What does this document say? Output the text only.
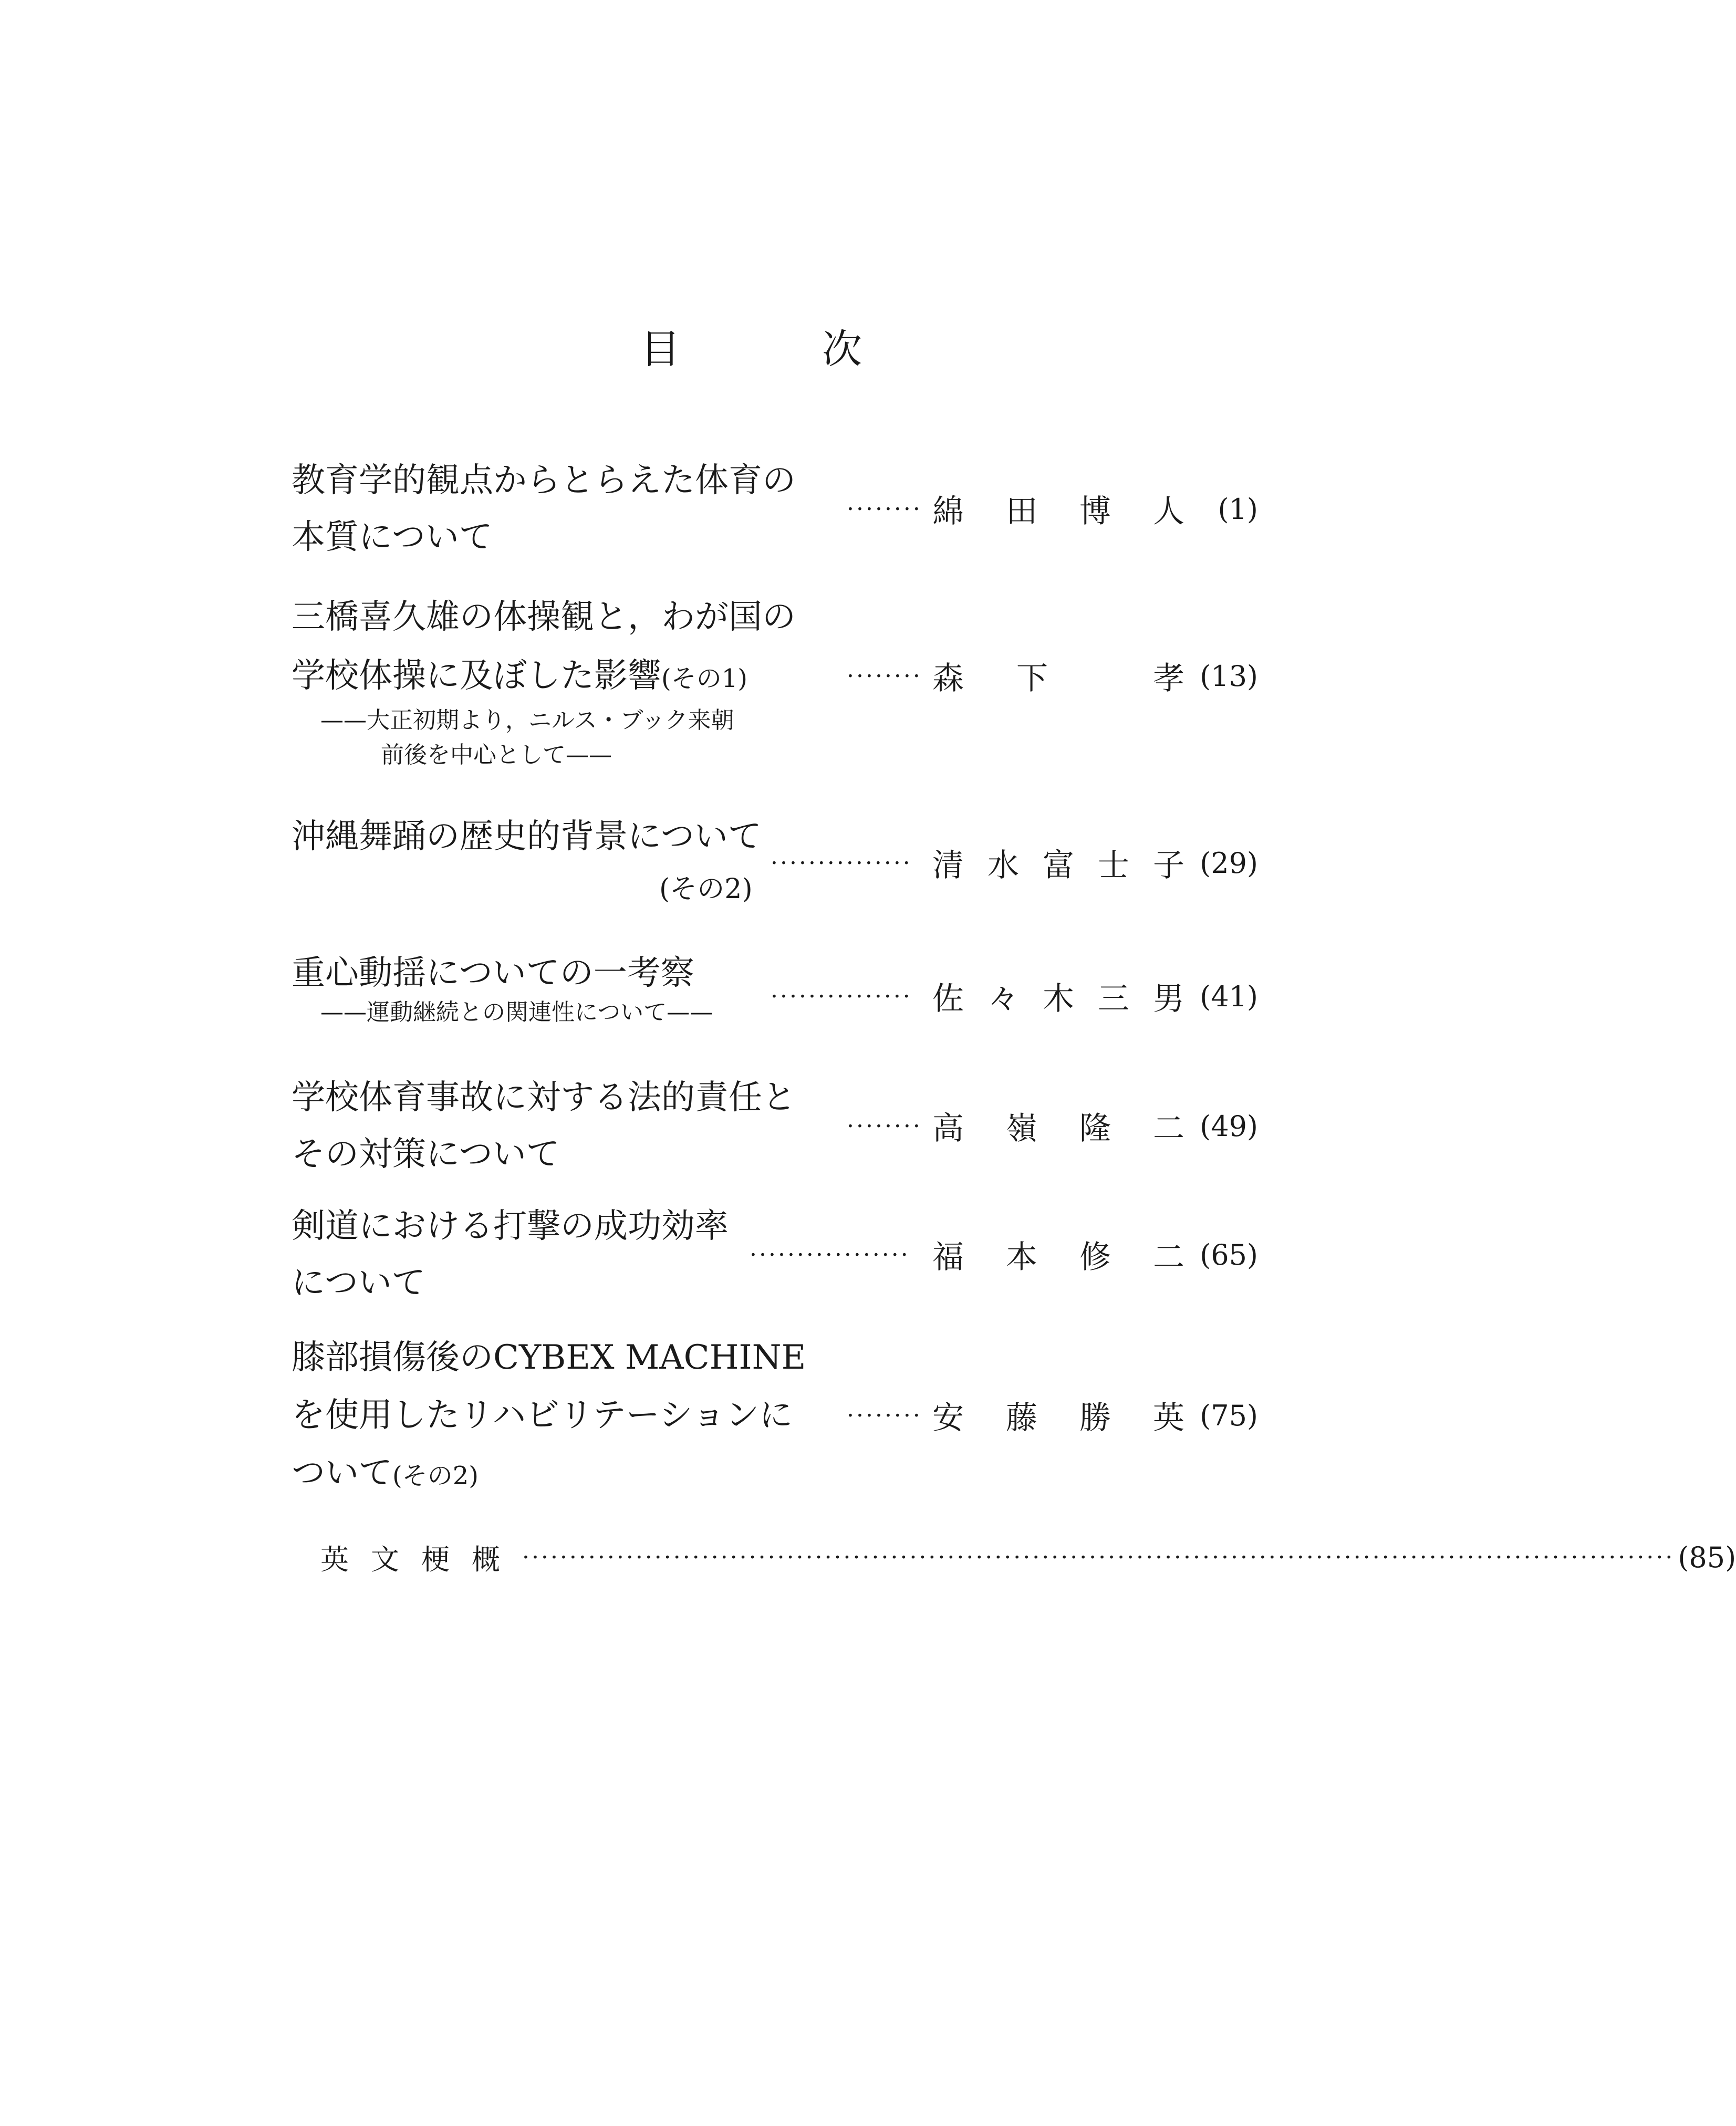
目	次
教育学的観点からとらえた体育の
本質について
········ 綿 田 博 人	(1)
三橋喜久雄の体操観と，わが国の
学校体操に及ぼした影響(その1)
——大正初期より，ニルス・ブック来朝
前後を中心として——
········ 森 下	孝 (13)
沖縄舞踊の歴史的背景について
(その2)
··············· 清 水 富 士 子 (29)
重心動揺についての一考察
——運動継続との関連性について——
··············· 佐 々 木 三 男 (41)
学校体育事故に対する法的責任と
その対策について
········ 高 嶺 隆 二 (49)
剣道における打撃の成功効率
について
················· 福 本 修 二 (65)
膝部損傷後のCYBEX MACHINE
を使用したリハビリテーションに
ついて(その2)
········ 安 藤 勝 英 (75)
英文梗概 ·························································································································· (85)
